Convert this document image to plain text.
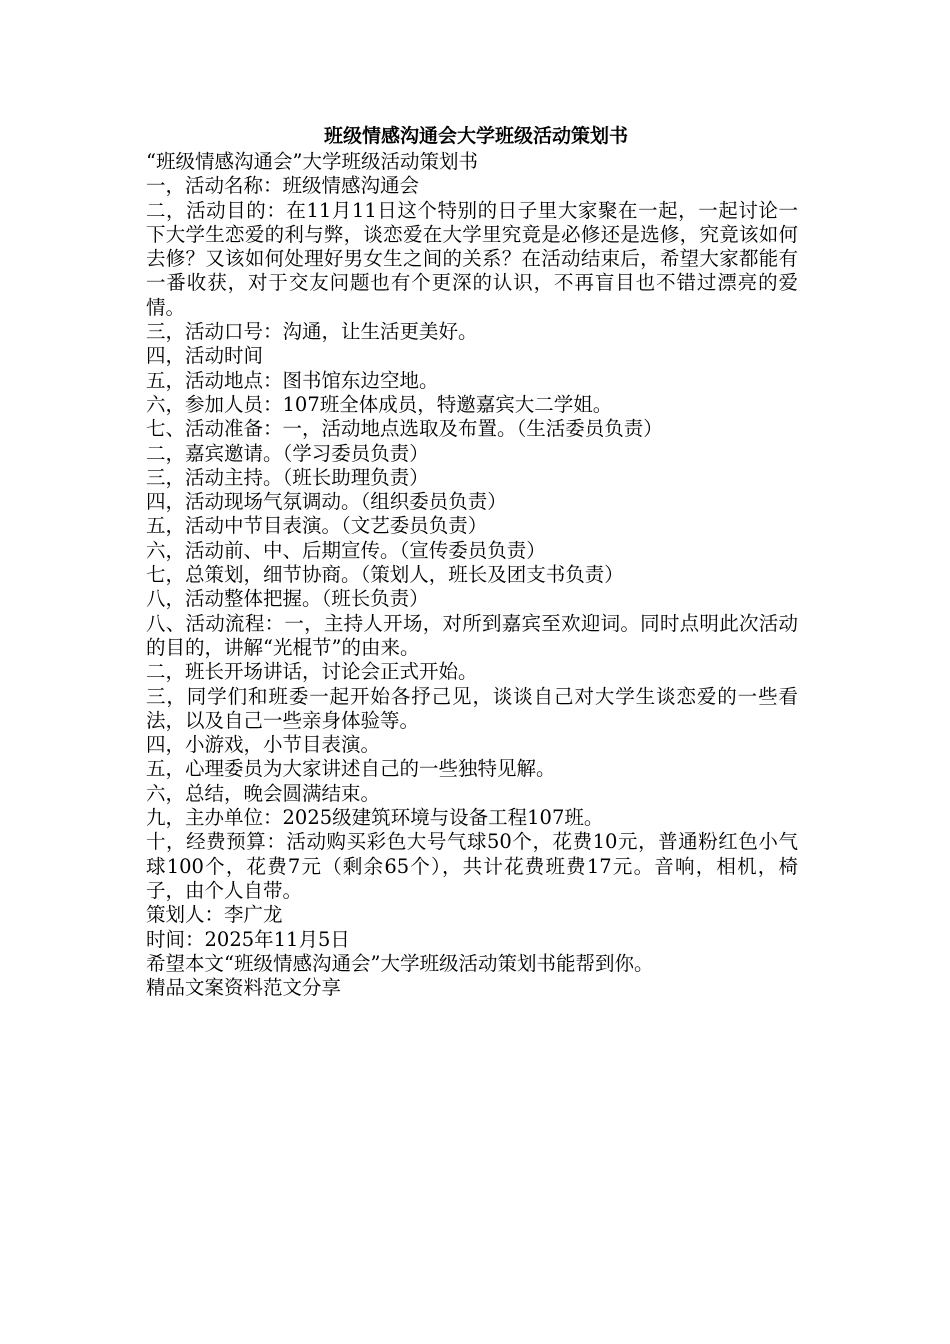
班级情感沟通会大学班级活动策划书

“班级情感沟通会”大学班级活动策划书

一，活动名称：班级情感沟通会

二，活动目的：在11月11日这个特别的日子里大家聚在一起，一起讨论一下大学生恋爱的利与弊，谈恋爱在大学里究竟是必修还是选修，究竟该如何去修？又该如何处理好男女生之间的关系？在活动结束后，希望大家都能有一番收获，对于交友问题也有个更深的认识，不再盲目也不错过漂亮的爱情。

三，活动口号：沟通，让生活更美好。

四，活动时间

五，活动地点：图书馆东边空地。

六，参加人员：107班全体成员，特邀嘉宾大二学姐。

七、活动准备：一，活动地点选取及布置。（生活委员负责）

二，嘉宾邀请。（学习委员负责）

三，活动主持。（班长助理负责）

四，活动现场气氛调动。（组织委员负责）

五，活动中节目表演。（文艺委员负责）

六，活动前、中、后期宣传。（宣传委员负责）

七，总策划，细节协商。（策划人，班长及团支书负责）

八，活动整体把握。（班长负责）

八、活动流程：一，主持人开场，对所到嘉宾至欢迎词。同时点明此次活动的目的，讲解“光棍节”的由来。

二，班长开场讲话，讨论会正式开始。

三，同学们和班委一起开始各抒己见，谈谈自己对大学生谈恋爱的一些看法，以及自己一些亲身体验等。

四，小游戏，小节目表演。

五，心理委员为大家讲述自己的一些独特见解。

六，总结，晚会圆满结束。

九，主办单位：2025级建筑环境与设备工程107班。

十，经费预算：活动购买彩色大号气球50个，花费10元，普通粉红色小气球100个，花费7元（剩余65个），共计花费班费17元。音响，相机，椅子，由个人自带。

策划人：李广龙

时间：2025年11月5日

希望本文“班级情感沟通会”大学班级活动策划书能帮到你。

精品文案资料范文分享
